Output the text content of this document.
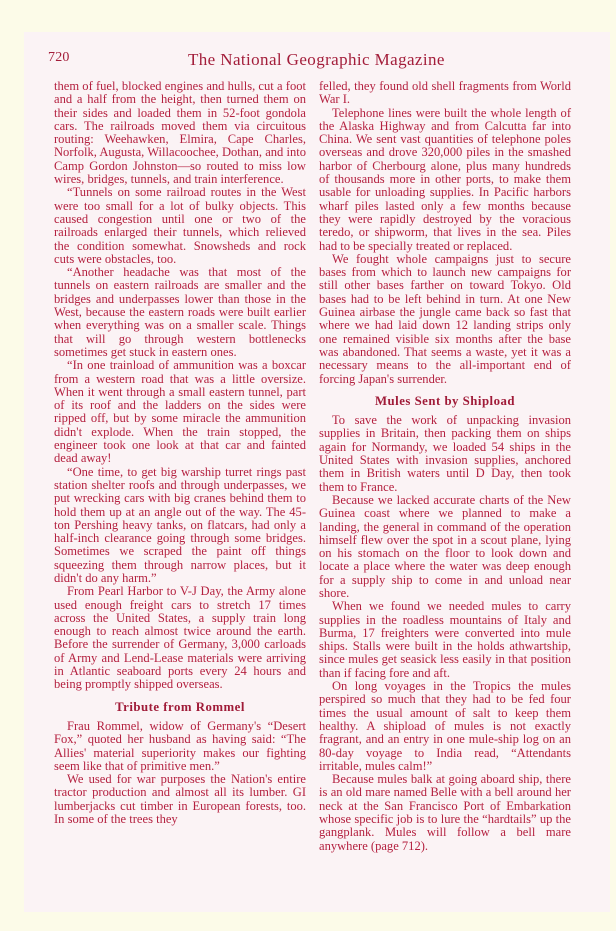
720	The National Geographic Magazine

them of fuel, blocked engines and hulls, cut a foot and a half from the height, then turned them on their sides and loaded them in 52-foot gondola cars. The railroads moved them via circuitous routing: Weehawken, Elmira, Cape Charles, Norfolk, Augusta, Willacoochee, Dothan, and into Camp Gordon Johnston—so routed to miss low wires, bridges, tunnels, and train interference.

“Tunnels on some railroad routes in the West were too small for a lot of bulky objects. This caused congestion until one or two of the railroads enlarged their tunnels, which relieved the condition somewhat. Snowsheds and rock cuts were obstacles, too.

“Another headache was that most of the tunnels on eastern railroads are smaller and the bridges and underpasses lower than those in the West, because the eastern roads were built earlier when everything was on a smaller scale. Things that will go through western bottlenecks sometimes get stuck in eastern ones.

“In one trainload of ammunition was a boxcar from a western road that was a little oversize. When it went through a small eastern tunnel, part of its roof and the ladders on the sides were ripped off, but by some miracle the ammunition didn't explode. When the train stopped, the engineer took one look at that car and fainted dead away!

“One time, to get big warship turret rings past station shelter roofs and through underpasses, we put wrecking cars with big cranes behind them to hold them up at an angle out of the way. The 45-ton Pershing heavy tanks, on flatcars, had only a half-inch clearance going through some bridges. Sometimes we scraped the paint off things squeezing them through narrow places, but it didn't do any harm.”

From Pearl Harbor to V-J Day, the Army alone used enough freight cars to stretch 17 times across the United States, a supply train long enough to reach almost twice around the earth. Before the surrender of Germany, 3,000 carloads of Army and Lend-Lease materials were arriving in Atlantic seaboard ports every 24 hours and being promptly shipped overseas.

Tribute from Rommel

Frau Rommel, widow of Germany's “Desert Fox,” quoted her husband as having said: “The Allies' material superiority makes our fighting seem like that of primitive men.”

We used for war purposes the Nation's entire tractor production and almost all its lumber. GI lumberjacks cut timber in European forests, too. In some of the trees they

felled, they found old shell fragments from World War I.

Telephone lines were built the whole length of the Alaska Highway and from Calcutta far into China. We sent vast quantities of telephone poles overseas and drove 320,000 piles in the smashed harbor of Cherbourg alone, plus many hundreds of thousands more in other ports, to make them usable for unloading supplies. In Pacific harbors wharf piles lasted only a few months because they were rapidly destroyed by the voracious teredo, or shipworm, that lives in the sea. Piles had to be specially treated or replaced.

We fought whole campaigns just to secure bases from which to launch new campaigns for still other bases farther on toward Tokyo. Old bases had to be left behind in turn. At one New Guinea airbase the jungle came back so fast that where we had laid down 12 landing strips only one remained visible six months after the base was abandoned. That seems a waste, yet it was a necessary means to the all-important end of forcing Japan's surrender.

Mules Sent by Shipload

To save the work of unpacking invasion supplies in Britain, then packing them on ships again for Normandy, we loaded 54 ships in the United States with invasion supplies, anchored them in British waters until D Day, then took them to France.

Because we lacked accurate charts of the New Guinea coast where we planned to make a landing, the general in command of the operation himself flew over the spot in a scout plane, lying on his stomach on the floor to look down and locate a place where the water was deep enough for a supply ship to come in and unload near shore.

When we found we needed mules to carry supplies in the roadless mountains of Italy and Burma, 17 freighters were converted into mule ships. Stalls were built in the holds athwartship, since mules get seasick less easily in that position than if facing fore and aft.

On long voyages in the Tropics the mules perspired so much that they had to be fed four times the usual amount of salt to keep them healthy. A shipload of mules is not exactly fragrant, and an entry in one mule-ship log on an 80-day voyage to India read, “Attendants irritable, mules calm!”

Because mules balk at going aboard ship, there is an old mare named Belle with a bell around her neck at the San Francisco Port of Embarkation whose specific job is to lure the “hardtails” up the gangplank. Mules will follow a bell mare anywhere (page 712).
